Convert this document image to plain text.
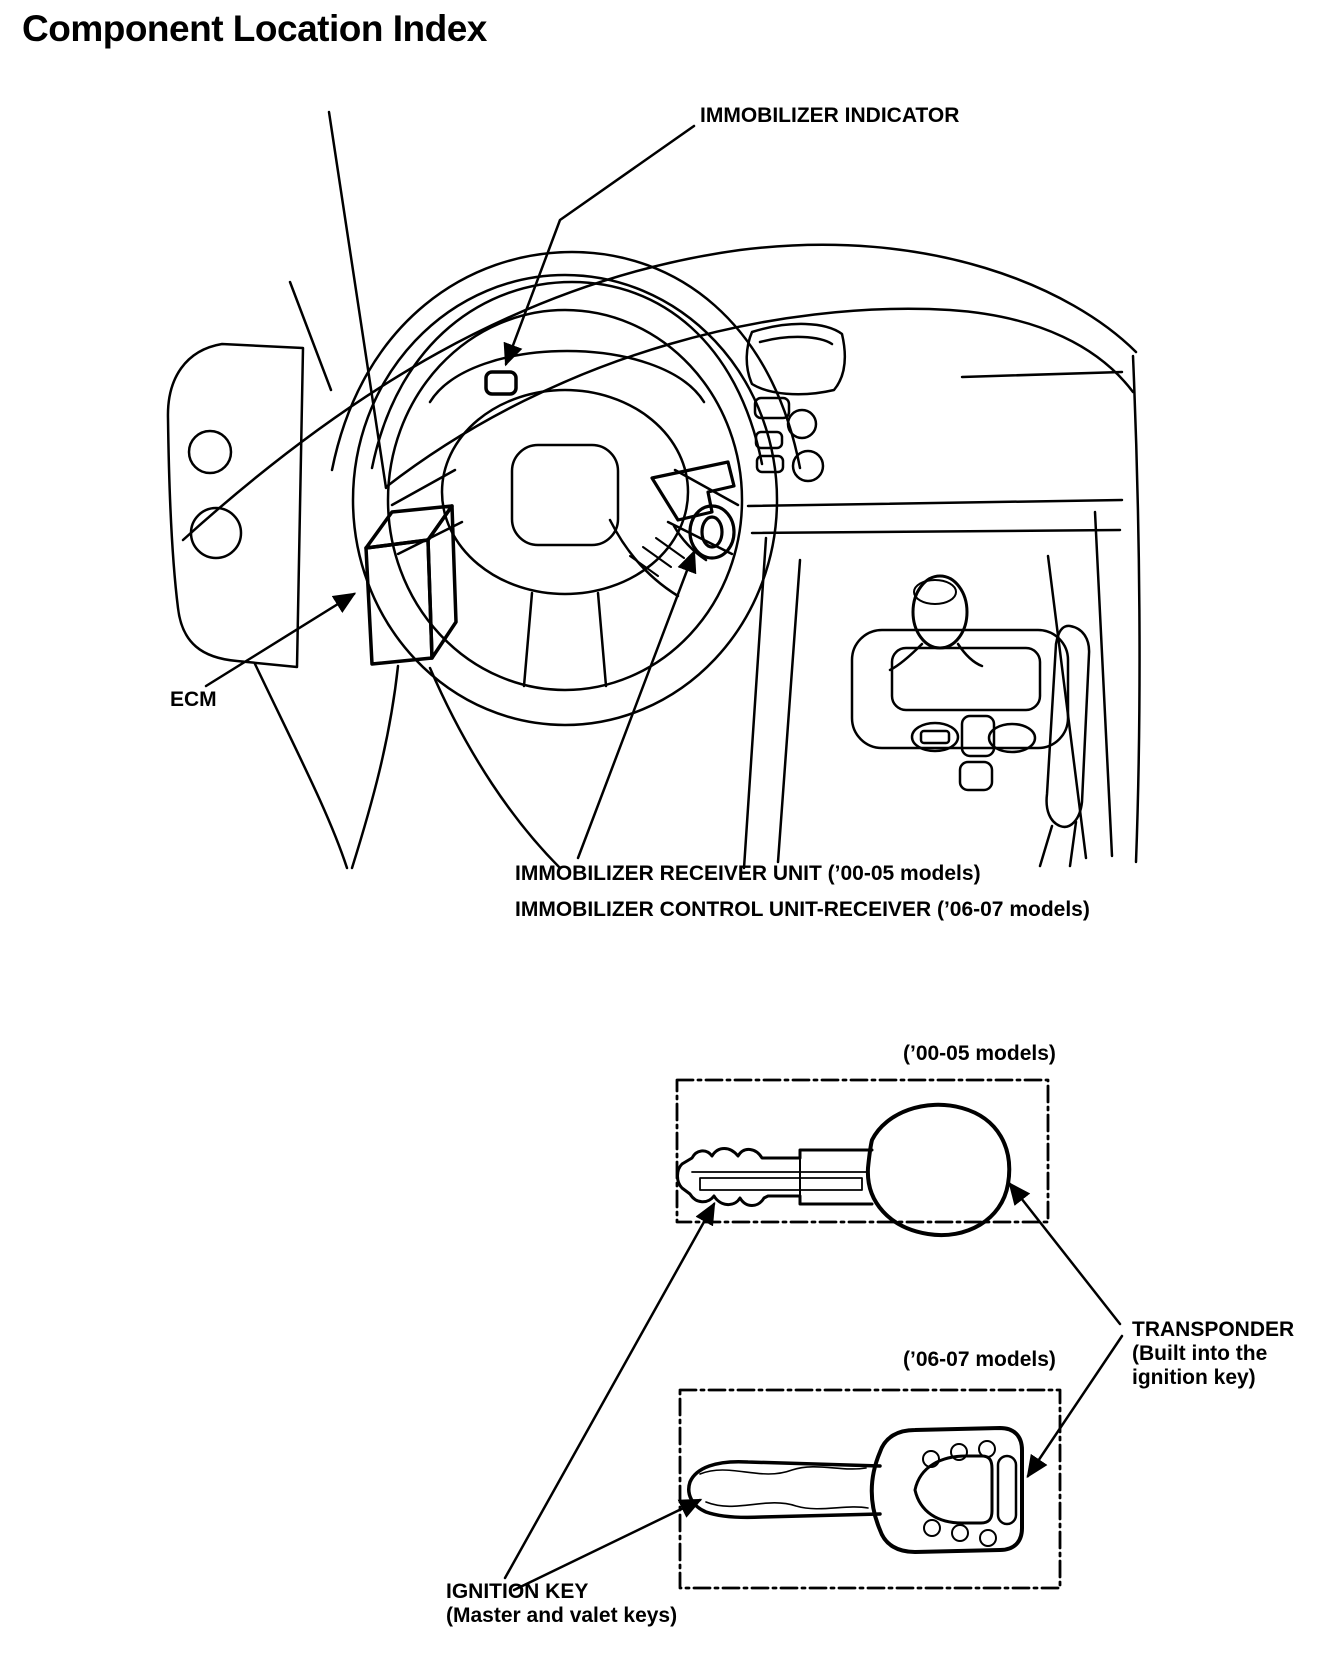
Component Location Index
IMMOBILIZER INDICATOR
ECM
IMMOBILIZER RECEIVER UNIT (’00-05 models)
IMMOBILIZER CONTROL UNIT-RECEIVER (’06-07 models)
(’00-05 models)
(’06-07 models)
TRANSPONDER
(Built into the
ignition key)
IGNITION KEY
(Master and valet keys)
